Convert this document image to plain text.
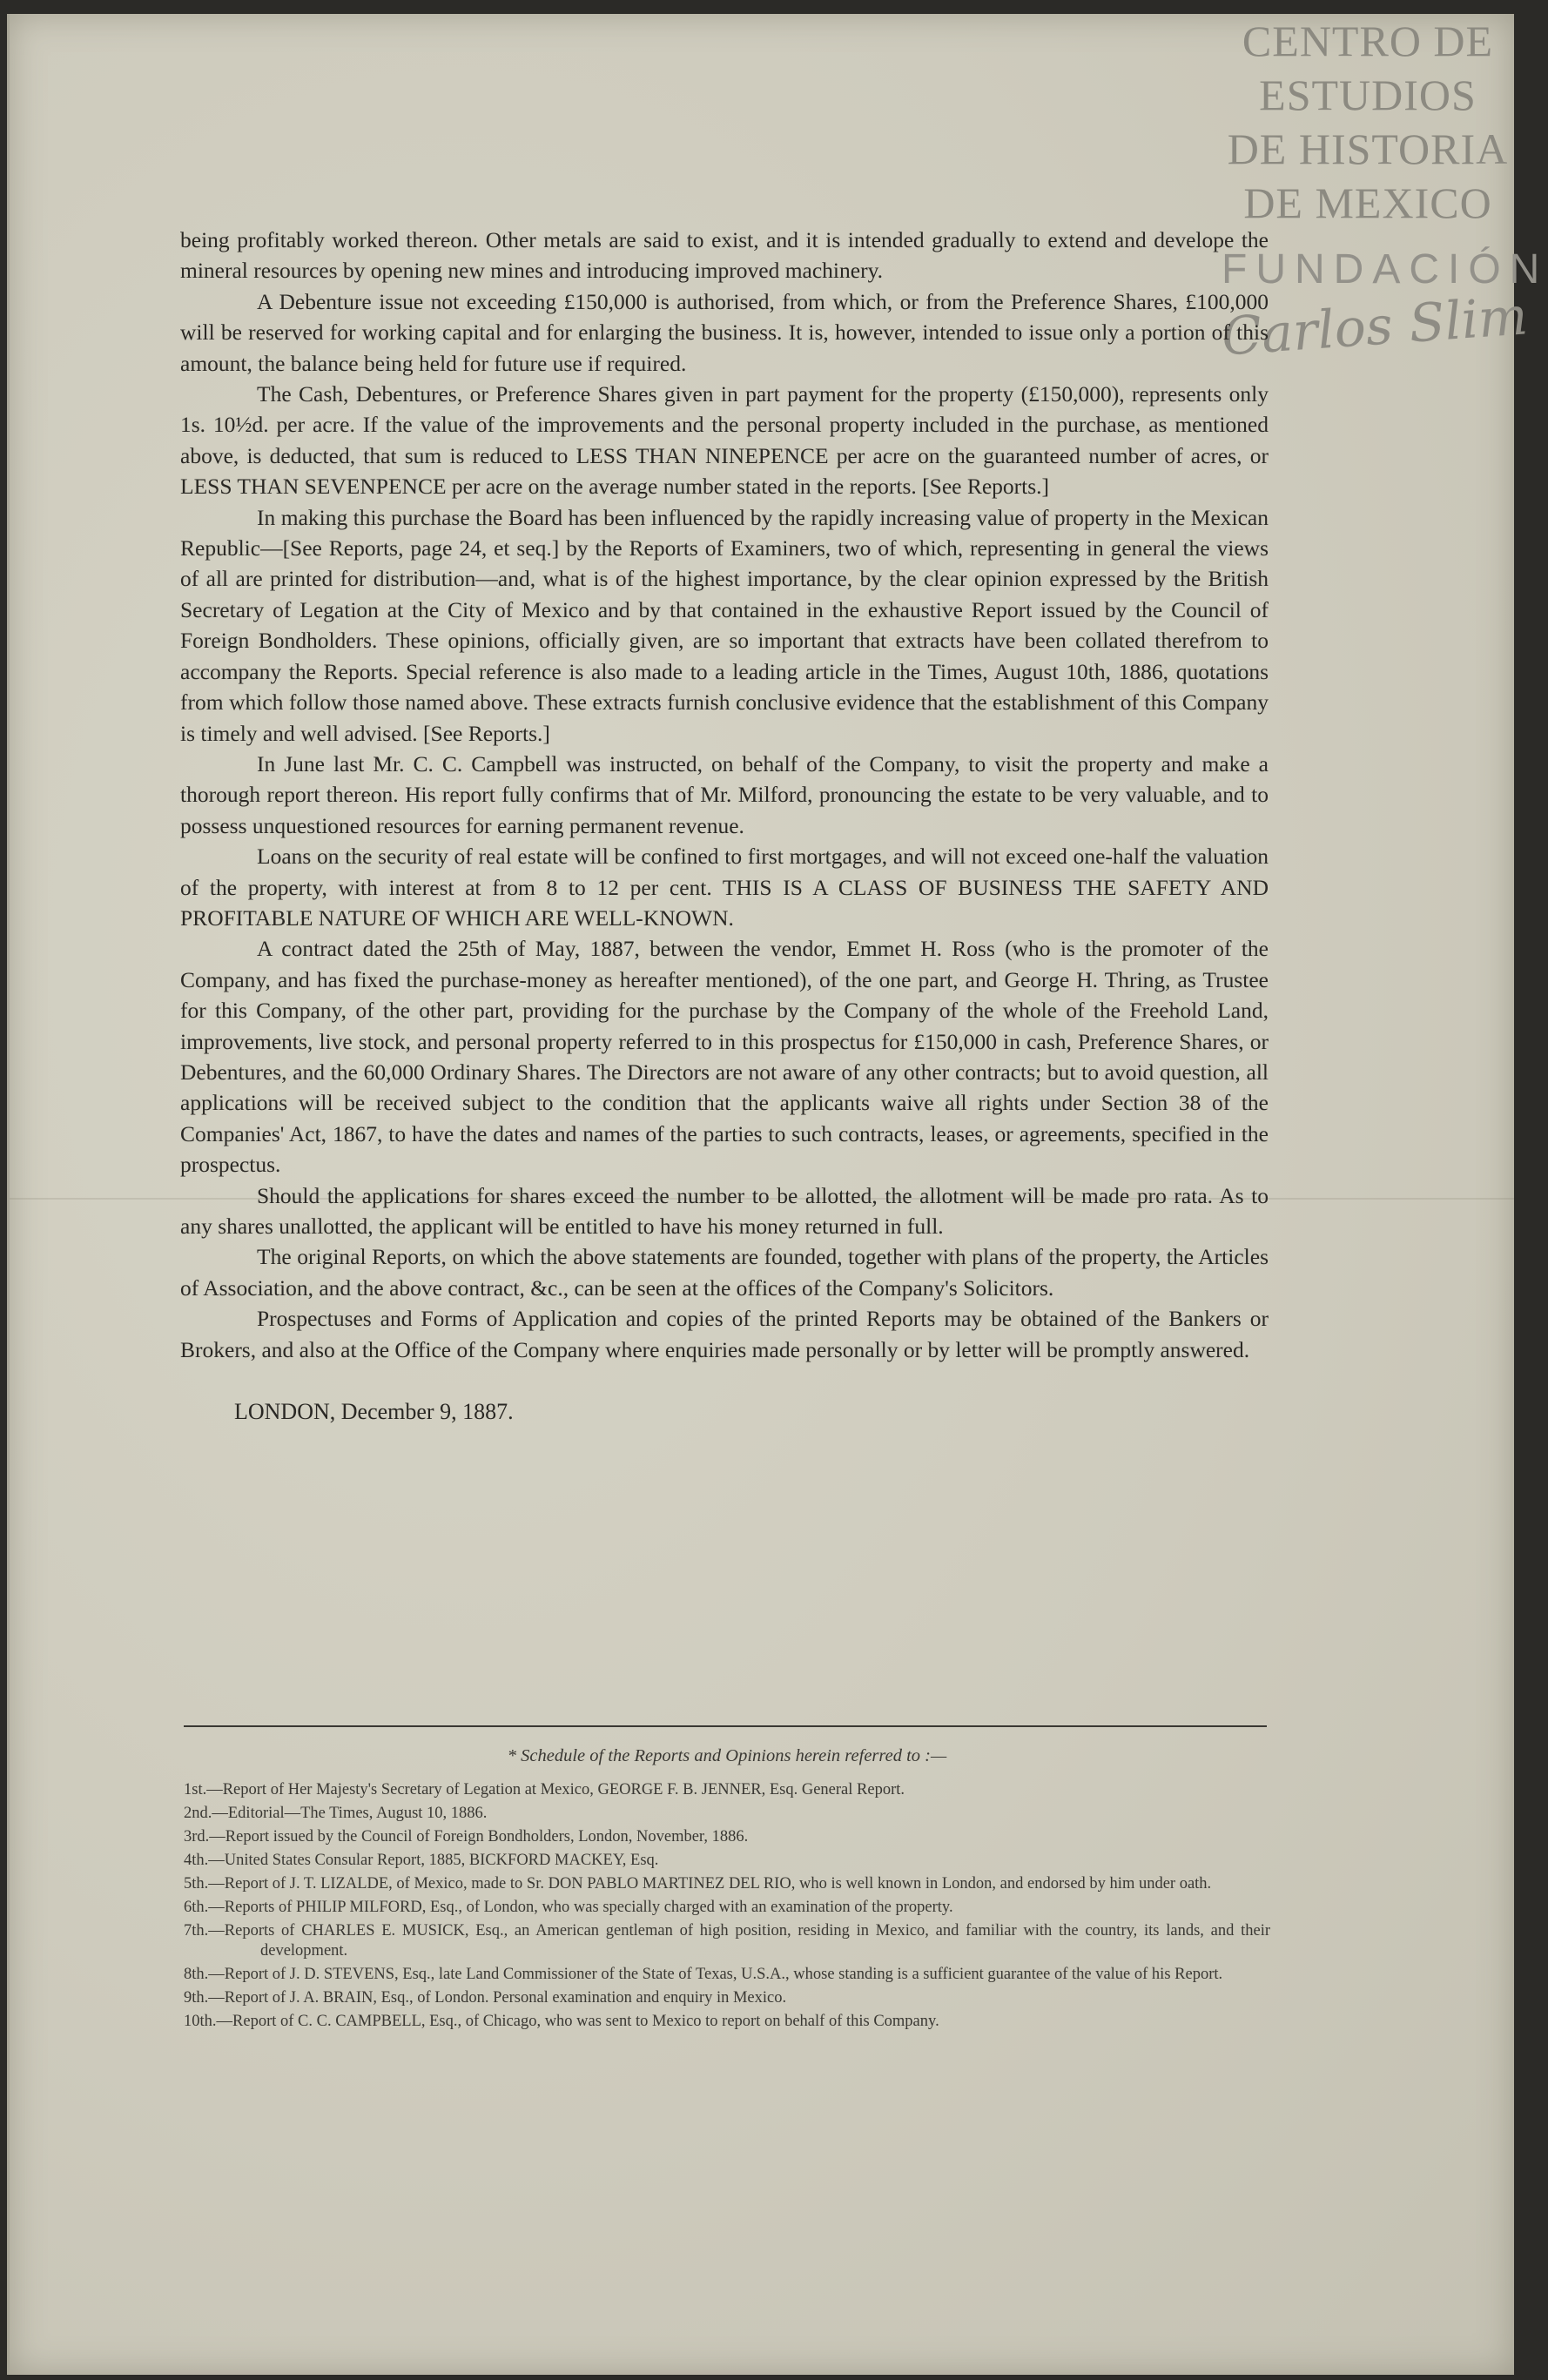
CENTRO DE
ESTUDIOS
DE HISTORIA
DE MEXICO
FUNDACIÓN
Carlos Slim

being profitably worked thereon. Other metals are said to exist, and it is intended gradually to extend and develope the mineral resources by opening new mines and introducing improved machinery.

A Debenture issue not exceeding £150,000 is authorised, from which, or from the Preference Shares, £100,000 will be reserved for working capital and for enlarging the business. It is, however, intended to issue only a portion of this amount, the balance being held for future use if required.

The Cash, Debentures, or Preference Shares given in part payment for the property (£150,000), represents only 1s. 10½d. per acre. If the value of the improvements and the personal property included in the purchase, as mentioned above, is deducted, that sum is reduced to LESS THAN NINEPENCE per acre on the guaranteed number of acres, or LESS THAN SEVENPENCE per acre on the average number stated in the reports. [See Reports.]

In making this purchase the Board has been influenced by the rapidly increasing value of property in the Mexican Republic—[See Reports, page 24, et seq.] by the Reports of Examiners, two of which, representing in general the views of all are printed for distribution—and, what is of the highest importance, by the clear opinion expressed by the British Secretary of Legation at the City of Mexico and by that contained in the exhaustive Report issued by the Council of Foreign Bondholders. These opinions, officially given, are so important that extracts have been collated therefrom to accompany the Reports. Special reference is also made to a leading article in the Times, August 10th, 1886, quotations from which follow those named above. These extracts furnish conclusive evidence that the establishment of this Company is timely and well advised. [See Reports.]

In June last Mr. C. C. Campbell was instructed, on behalf of the Company, to visit the property and make a thorough report thereon. His report fully confirms that of Mr. Milford, pronouncing the estate to be very valuable, and to possess unquestioned resources for earning permanent revenue.

Loans on the security of real estate will be confined to first mortgages, and will not exceed one-half the valuation of the property, with interest at from 8 to 12 per cent. THIS IS A CLASS OF BUSINESS THE SAFETY AND PROFITABLE NATURE OF WHICH ARE WELL-KNOWN.

A contract dated the 25th of May, 1887, between the vendor, Emmet H. Ross (who is the promoter of the Company, and has fixed the purchase-money as hereafter mentioned), of the one part, and George H. Thring, as Trustee for this Company, of the other part, providing for the purchase by the Company of the whole of the Freehold Land, improvements, live stock, and personal property referred to in this prospectus for £150,000 in cash, Preference Shares, or Debentures, and the 60,000 Ordinary Shares. The Directors are not aware of any other contracts; but to avoid question, all applications will be received subject to the condition that the applicants waive all rights under Section 38 of the Companies' Act, 1867, to have the dates and names of the parties to such contracts, leases, or agreements, specified in the prospectus.

Should the applications for shares exceed the number to be allotted, the allotment will be made pro rata. As to any shares unallotted, the applicant will be entitled to have his money returned in full.

The original Reports, on which the above statements are founded, together with plans of the property, the Articles of Association, and the above contract, &c., can be seen at the offices of the Company's Solicitors.

Prospectuses and Forms of Application and copies of the printed Reports may be obtained of the Bankers or Brokers, and also at the Office of the Company where enquiries made personally or by letter will be promptly answered.

LONDON, December 9, 1887.

* Schedule of the Reports and Opinions herein referred to :—

1st.—Report of Her Majesty's Secretary of Legation at Mexico, GEORGE F. B. JENNER, Esq. General Report.

2nd.—Editorial—The Times, August 10, 1886.

3rd.—Report issued by the Council of Foreign Bondholders, London, November, 1886.

4th.—United States Consular Report, 1885, BICKFORD MACKEY, Esq.

5th.—Report of J. T. LIZALDE, of Mexico, made to Sr. DON PABLO MARTINEZ DEL RIO, who is well known in London, and endorsed by him under oath.

6th.—Reports of PHILIP MILFORD, Esq., of London, who was specially charged with an examination of the property.

7th.—Reports of CHARLES E. MUSICK, Esq., an American gentleman of high position, residing in Mexico, and familiar with the country, its lands, and their development.

8th.—Report of J. D. STEVENS, Esq., late Land Commissioner of the State of Texas, U.S.A., whose standing is a sufficient guarantee of the value of his Report.

9th.—Report of J. A. BRAIN, Esq., of London. Personal examination and enquiry in Mexico.

10th.—Report of C. C. CAMPBELL, Esq., of Chicago, who was sent to Mexico to report on behalf of this Company.
